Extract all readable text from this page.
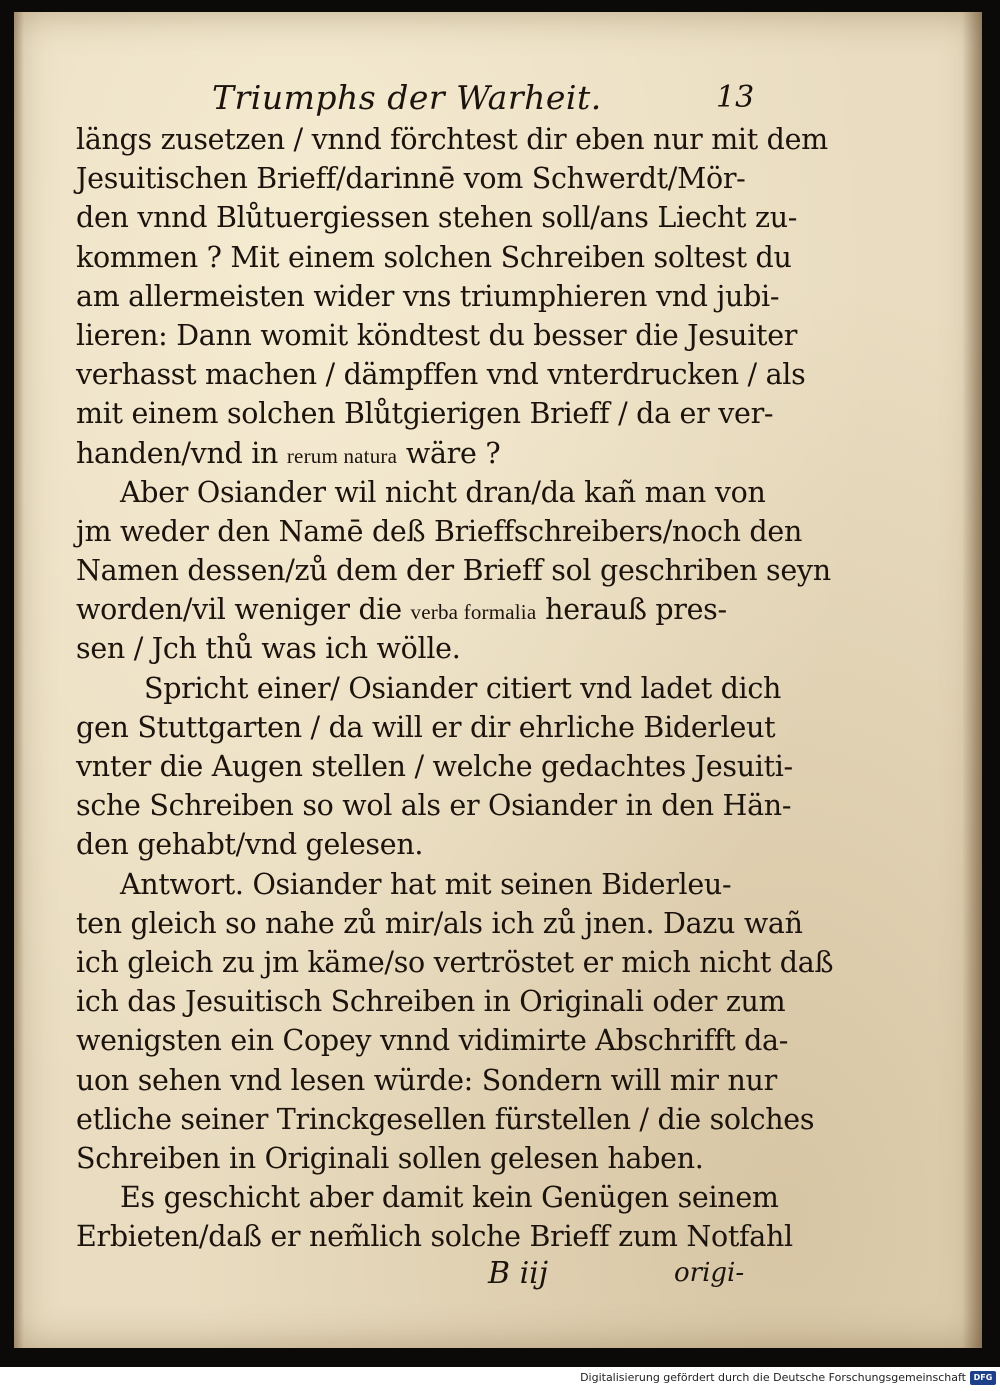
Triumphs der Warheit.	13
längs zusetzen / vnnd förchtest dir eben nur mit dem
Jesuitischen Brieff/darinnē vom Schwerdt/Mör-
den vnnd Blůtuergiessen stehen soll/ans Liecht zu-
kommen ? Mit einem solchen Schreiben soltest du
am allermeisten wider vns triumphieren vnd jubi-
lieren: Dann womit köndtest du besser die Jesuiter
verhasst machen / dämpffen vnd vnterdrucken / als
mit einem solchen Blůtgierigen Brieff / da er ver-
handen/vnd in rerum natura wäre ?
Aber Osiander wil nicht dran/da kañ man von
jm weder den Namē deß Brieffschreibers/noch den
Namen dessen/zů dem der Brieff sol geschriben seyn
worden/vil weniger die verba formalia herauß pres-
sen / Jch thů was ich wölle.
Spricht einer/ Osiander citiert vnd ladet dich
gen Stuttgarten / da will er dir ehrliche Biderleut
vnter die Augen stellen / welche gedachtes Jesuiti-
sche Schreiben so wol als er Osiander in den Hän-
den gehabt/vnd gelesen.
Antwort. Osiander hat mit seinen Biderleu-
ten gleich so nahe zů mir/als ich zů jnen. Dazu wañ
ich gleich zu jm käme/so vertröstet er mich nicht daß
ich das Jesuitisch Schreiben in Originali oder zum
wenigsten ein Copey vnnd vidimirte Abschrifft da-
uon sehen vnd lesen würde: Sondern will mir nur
etliche seiner Trinckgesellen fürstellen / die solches
Schreiben in Originali sollen gelesen haben.
Es geschicht aber damit kein Genügen seinem
Erbieten/daß er nem̃lich solche Brieff zum Notfahl
B iij	origi-
Digitalisierung gefördert durch die Deutsche Forschungsgemeinschaft DFG
